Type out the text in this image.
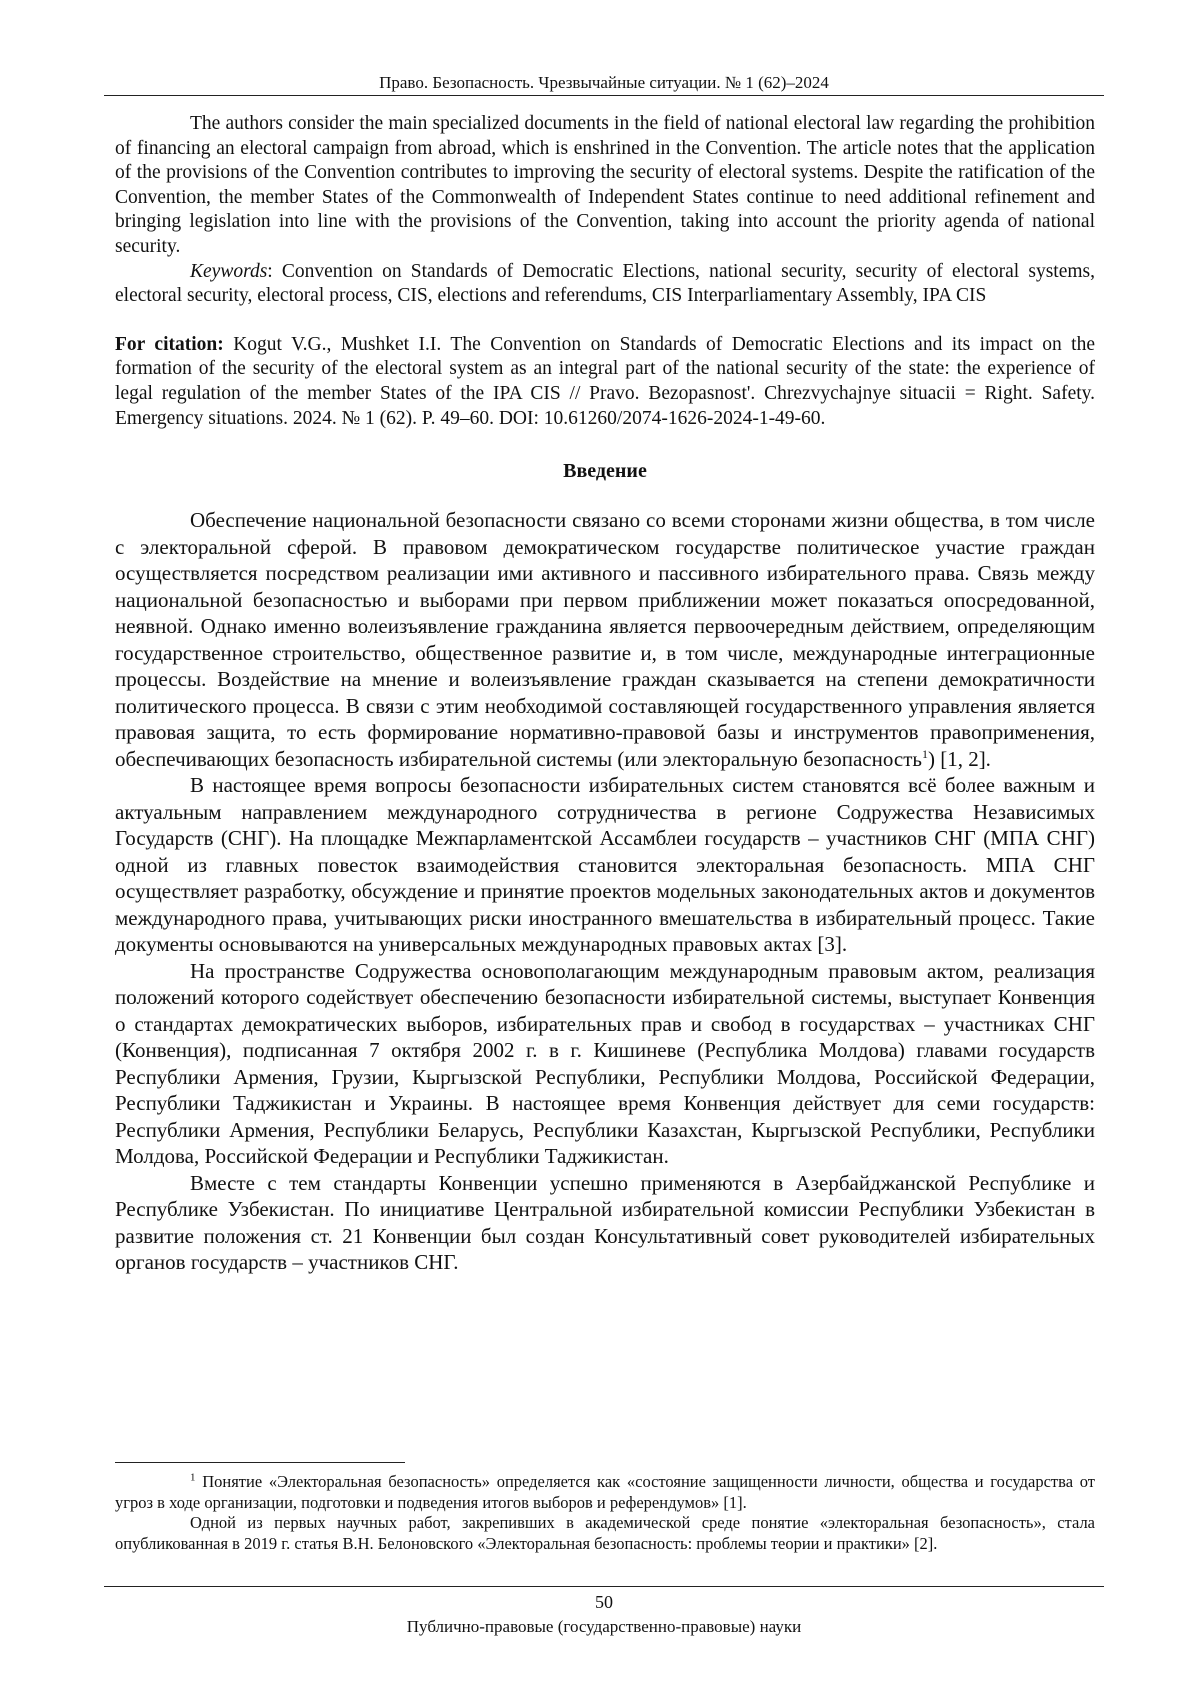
Право. Безопасность. Чрезвычайные ситуации. № 1 (62)–2024

The authors consider the main specialized documents in the field of national electoral law regarding the prohibition of financing an electoral campaign from abroad, which is enshrined in the Convention. The article notes that the application of the provisions of the Convention contributes to improving the security of electoral systems. Despite the ratification of the Convention, the member States of the Commonwealth of Independent States continue to need additional refinement and bringing legislation into line with the provisions of the Convention, taking into account the priority agenda of national security.

Keywords: Convention on Standards of Democratic Elections, national security, security of electoral systems, electoral security, electoral process, CIS, elections and referendums, CIS Interparliamentary Assembly, IPA CIS

For citation: Kogut V.G., Mushket I.I. The Convention on Standards of Democratic Elections and its impact on the formation of the security of the electoral system as an integral part of the national security of the state: the experience of legal regulation of the member States of the IPA CIS // Pravo. Bezopasnost'. Chrezvychajnye situacii = Right. Safety. Emergency situations. 2024. № 1 (62). P. 49–60. DOI: 10.61260/2074-1626-2024-1-49-60.

Введение

Обеспечение национальной безопасности связано со всеми сторонами жизни общества, в том числе с электоральной сферой. В правовом демократическом государстве политическое участие граждан осуществляется посредством реализации ими активного и пассивного избирательного права. Связь между национальной безопасностью и выборами при первом приближении может показаться опосредованной, неявной. Однако именно волеизъявление гражданина является первоочередным действием, определяющим государственное строительство, общественное развитие и, в том числе, международные интеграционные процессы. Воздействие на мнение и волеизъявление граждан сказывается на степени демократичности политического процесса. В связи с этим необходимой составляющей государственного управления является правовая защита, то есть формирование нормативно-правовой базы и инструментов правоприменения, обеспечивающих безопасность избирательной системы (или электоральную безопасность$^1$) [1, 2].

В настоящее время вопросы безопасности избирательных систем становятся всё более важным и актуальным направлением международного сотрудничества в регионе Содружества Независимых Государств (СНГ). На площадке Межпарламентской Ассамблеи государств – участников СНГ (МПА СНГ) одной из главных повесток взаимодействия становится электоральная безопасность. МПА СНГ осуществляет разработку, обсуждение и принятие проектов модельных законодательных актов и документов международного права, учитывающих риски иностранного вмешательства в избирательный процесс. Такие документы основываются на универсальных международных правовых актах [3].

На пространстве Содружества основополагающим международным правовым актом, реализация положений которого содействует обеспечению безопасности избирательной системы, выступает Конвенция о стандартах демократических выборов, избирательных прав и свобод в государствах – участниках СНГ (Конвенция), подписанная 7 октября 2002 г. в г. Кишиневе (Республика Молдова) главами государств Республики Армения, Грузии, Кыргызской Республики, Республики Молдова, Российской Федерации, Республики Таджикистан и Украины. В настоящее время Конвенция действует для семи государств: Республики Армения, Республики Беларусь, Республики Казахстан, Кыргызской Республики, Республики Молдова, Российской Федерации и Республики Таджикистан.

Вместе с тем стандарты Конвенции успешно применяются в Азербайджанской Республике и Республике Узбекистан. По инициативе Центральной избирательной комиссии Республики Узбекистан в развитие положения ст. 21 Конвенции был создан Консультативный совет руководителей избирательных органов государств – участников СНГ.

$^1$ Понятие «Электоральная безопасность» определяется как «состояние защищенности личности, общества и государства от угроз в ходе организации, подготовки и подведения итогов выборов и референдумов» [1].

Одной из первых научных работ, закрепивших в академической среде понятие «электоральная безопасность», стала опубликованная в 2019 г. статья В.Н. Белоновского «Электоральная безопасность: проблемы теории и практики» [2].

50
Публично-правовые (государственно-правовые) науки
